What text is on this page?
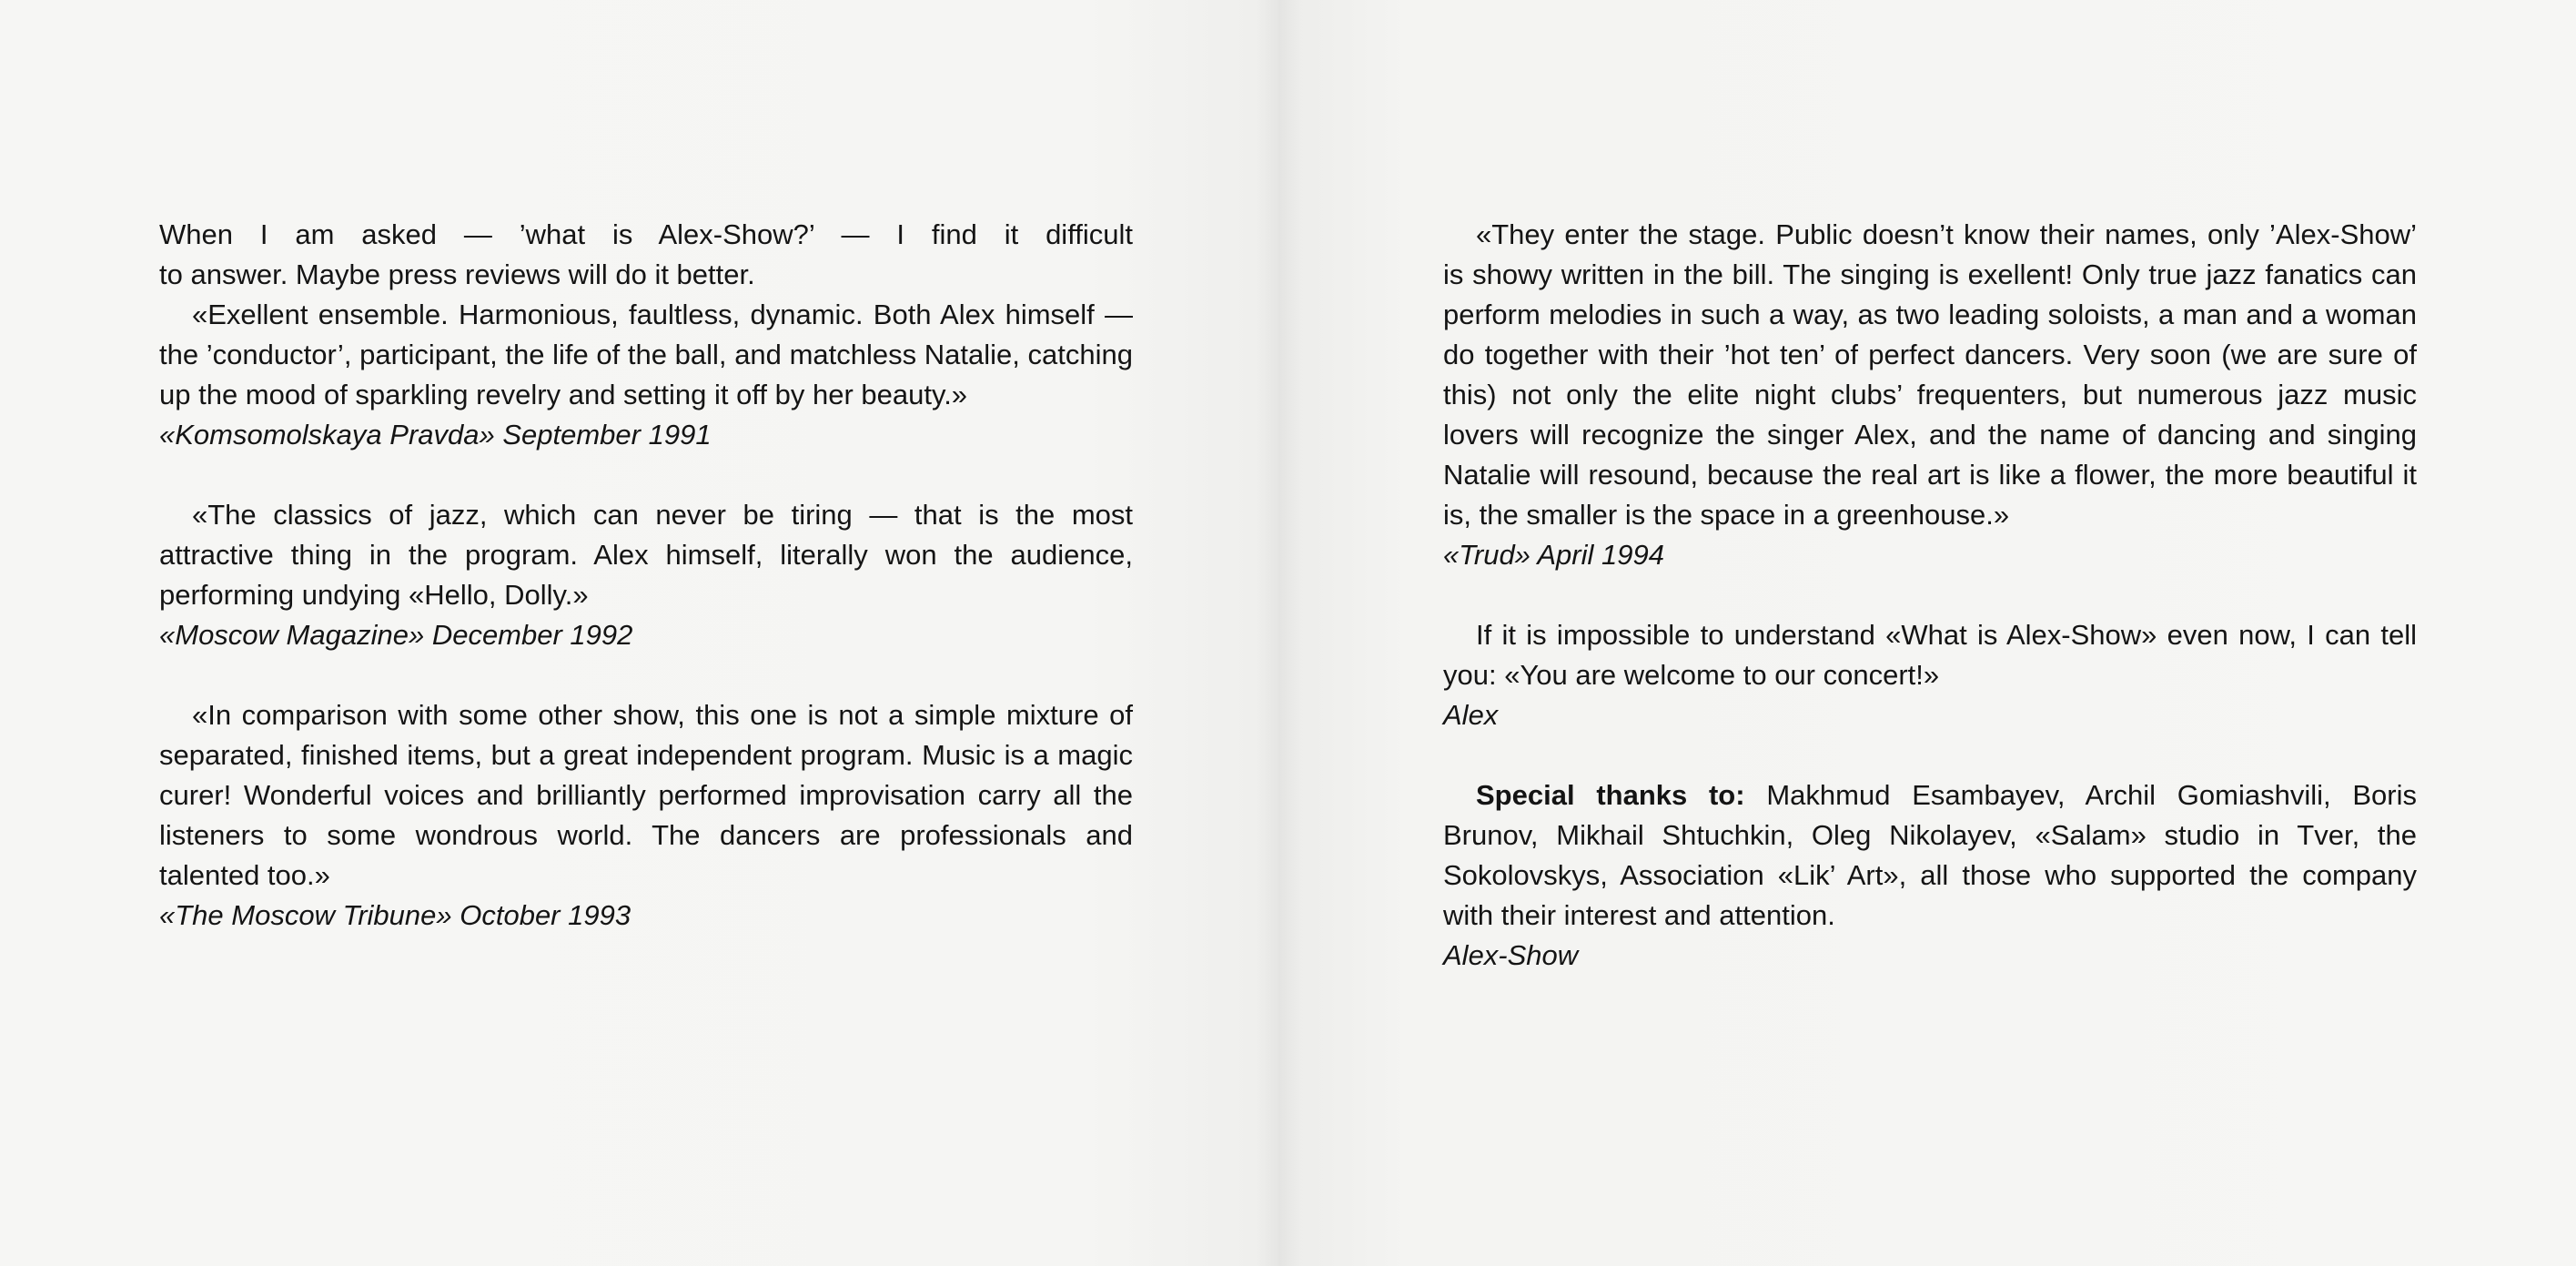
When I am asked — ’what is Alex-Show?’ — I find it difficult

to answer. Maybe press reviews will do it better.

«Exellent ensemble. Harmonious, faultless, dynamic. Both Alex himself — the ’conductor’, participant, the life of the ball, and matchless Natalie, catching up the mood of sparkling revelry and setting it off by her beauty.»

«Komsomolskaya Pravda» September 1991

«The classics of jazz, which can never be tiring — that is the most attractive thing in the program. Alex himself, literally won the audience, performing undying «Hello, Dolly.»

«Moscow Magazine» December 1992

«In comparison with some other show, this one is not a simple mixture of separated, finished items, but a great independent program. Music is a magic curer! Wonderful voices and brilliantly performed improvisation carry all the listeners to some wondrous world. The dancers are professionals and talented too.»

«The Moscow Tribune» October 1993

«They enter the stage. Public doesn’t know their names, only ’Alex-Show’ is showy written in the bill. The singing is exellent! Only true jazz fanatics can perform melodies in such a way, as two leading soloists, a man and a woman do together with their ’hot ten’ of perfect dancers. Very soon (we are sure of this) not only the elite night clubs’ frequenters, but numerous jazz music lovers will recognize the singer Alex, and the name of dancing and singing Natalie will resound, because the real art is like a flower, the more beautiful it is, the smaller is the space in a greenhouse.»

«Trud» April 1994

If it is impossible to understand «What is Alex-Show» even now, I can tell you: «You are welcome to our concert!»

Alex

Special thanks to: Makhmud Esambayev, Archil Gomiashvili, Boris Brunov, Mikhail Shtuchkin, Oleg Nikolayev, «Salam» studio in Tver, the Sokolovskys, Association «Lik’ Art», all those who supported the company with their interest and attention.

Alex-Show
